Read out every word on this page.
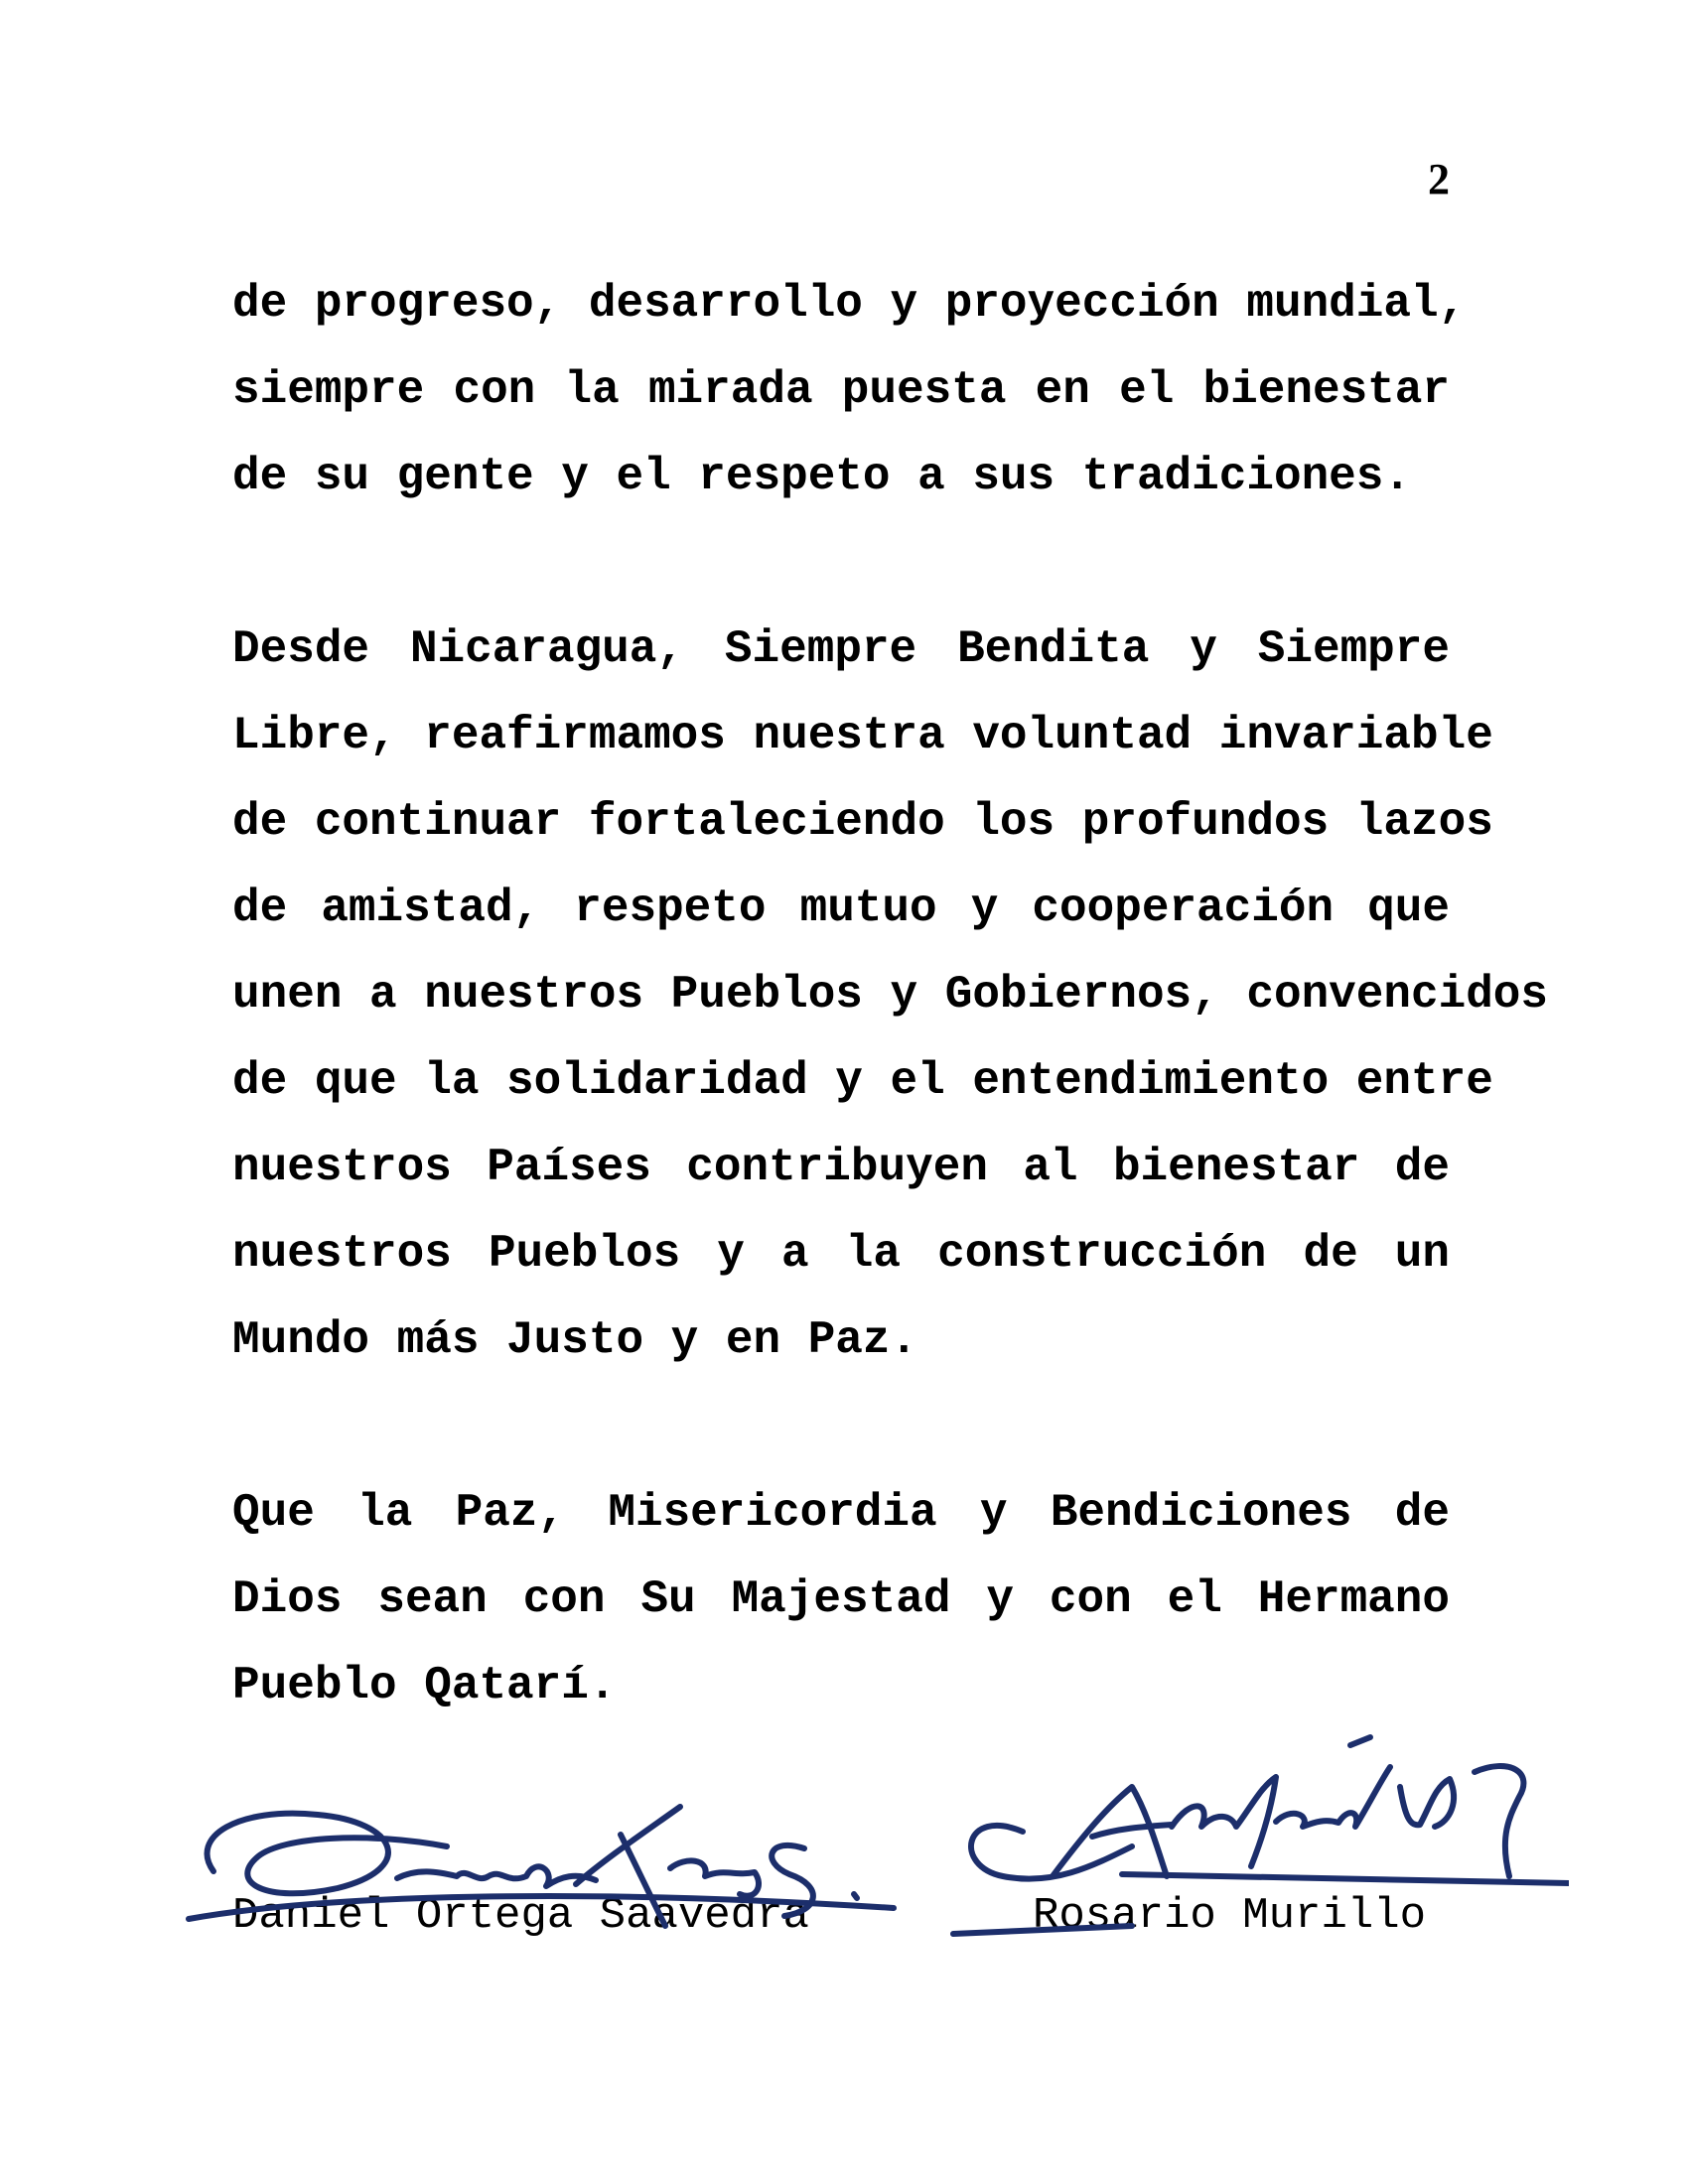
2
de progreso, desarrollo y proyección mundial,
siempre con la mirada puesta en el bienestar
de su gente y el respeto a sus tradiciones.
Desde Nicaragua, Siempre Bendita y Siempre
Libre, reafirmamos nuestra voluntad invariable
de continuar fortaleciendo los profundos lazos
de amistad, respeto mutuo y cooperación que
unen a nuestros Pueblos y Gobiernos, convencidos
de que la solidaridad y el entendimiento entre
nuestros Países contribuyen al bienestar de
nuestros Pueblos y a la construcción de un
Mundo más Justo y en Paz.
Que la Paz, Misericordia y Bendiciones de
Dios sean con Su Majestad y con el Hermano
Pueblo Qatarí.
Daniel Ortega Saavedra	Rosario Murillo
